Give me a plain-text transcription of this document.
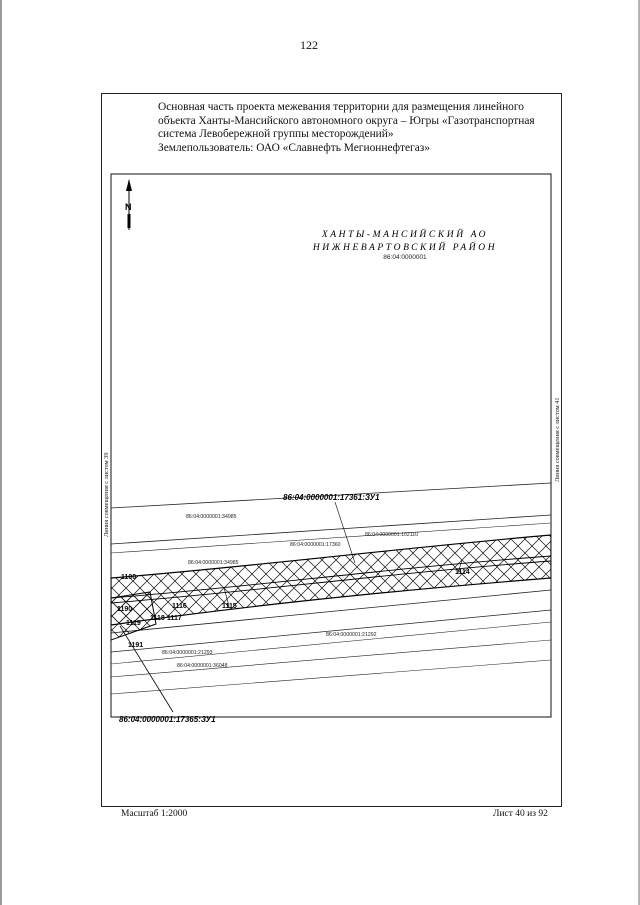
122
Основная часть проекта межевания территории для размещения линейного
объекта Ханты-Мансийского автономного округа – Югры «Газотранспортная
система Левобережной группы месторождений»
Землепользователь: ОАО «Славнефть Мегионнефтегаз»
N
ХАНТЫ-МАНСИЙСКИЙ АО
НИЖНЕВАРТОВСКИЙ РАЙОН
86:04:0000001
86:04:0000001:34985
86:04:0000001:17360
86:04:0000001:102110
86:04:0000001:34985
86:04:0000001:21292
86:04:0000001:21293
86:04:0000001:36048
86:04:0000001:17361:ЗУ1
86:04:0000001:17365:ЗУ1
1100
1114
1115
1116
1117
1118
1119
1190
1191
Линия совмещения с листом 39
Линия совмещения с листом 41
Масштаб 1:2000	Лист 40 из 92
